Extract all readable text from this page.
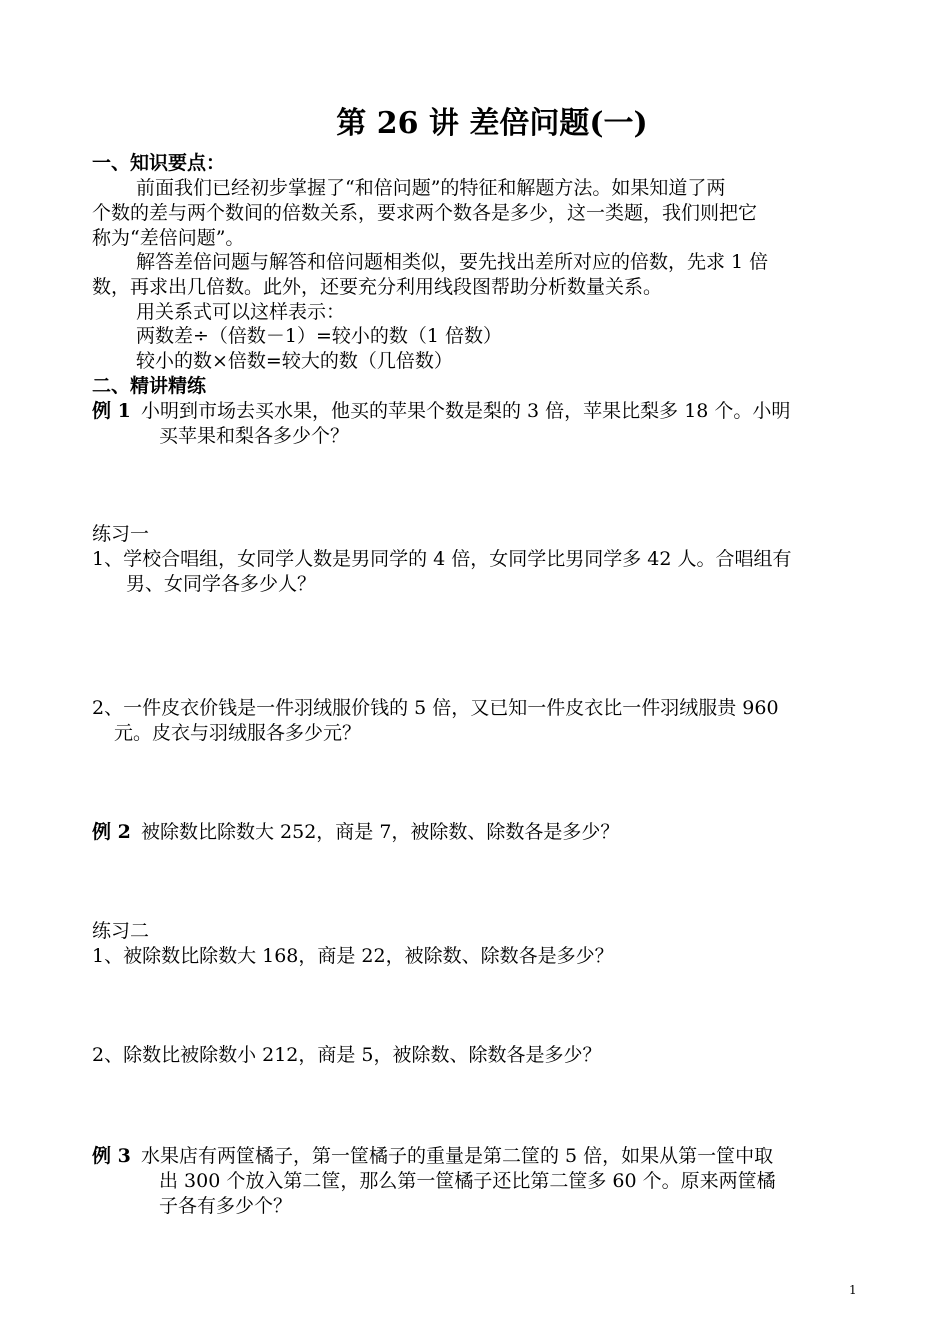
第 26 讲 差倍问题(一)
一、知识要点：
前面我们已经初步掌握了“和倍问题”的特征和解题方法。如果知道了两
个数的差与两个数间的倍数关系，要求两个数各是多少，这一类题，我们则把它
称为“差倍问题”。
解答差倍问题与解答和倍问题相类似，要先找出差所对应的倍数，先求 1 倍
数，再求出几倍数。此外，还要充分利用线段图帮助分析数量关系。
用关系式可以这样表示：
两数差÷（倍数－1）=较小的数（1 倍数）
较小的数×倍数=较大的数（几倍数）
二、精讲精练
例 1 小明到市场去买水果，他买的苹果个数是梨的 3 倍，苹果比梨多 18 个。小明
买苹果和梨各多少个？
练习一
1、学校合唱组，女同学人数是男同学的 4 倍，女同学比男同学多 42 人。合唱组有
男、女同学各多少人？
2、一件皮衣价钱是一件羽绒服价钱的 5 倍，又已知一件皮衣比一件羽绒服贵 960
元。皮衣与羽绒服各多少元？
例 2 被除数比除数大 252，商是 7，被除数、除数各是多少？
练习二
1、被除数比除数大 168，商是 22，被除数、除数各是多少？
2、除数比被除数小 212，商是 5，被除数、除数各是多少？
例 3 水果店有两筐橘子，第一筐橘子的重量是第二筐的 5 倍，如果从第一筐中取
出 300 个放入第二筐，那么第一筐橘子还比第二筐多 60 个。原来两筐橘
子各有多少个？
1
